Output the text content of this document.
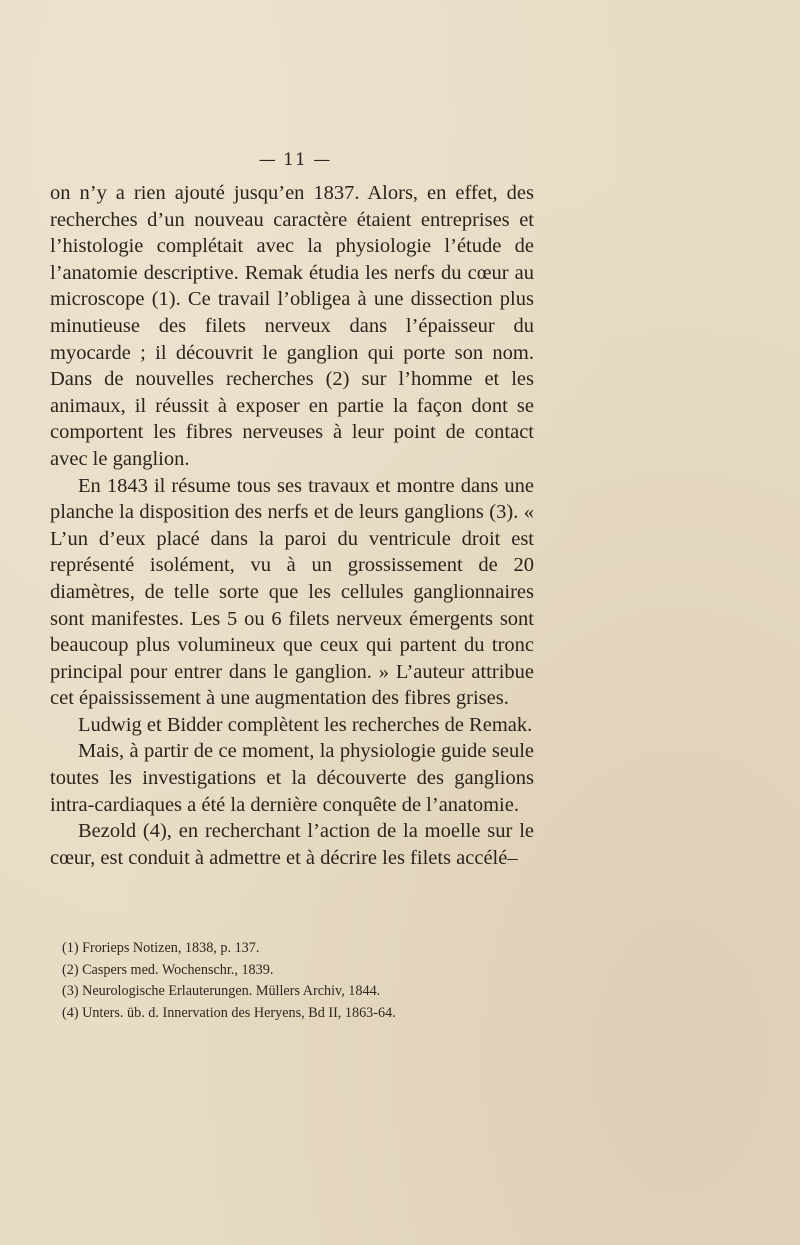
— 11 —

on n’y a rien ajouté jusqu’en 1837. Alors, en effet, des recherches d’un nouveau caractère étaient entreprises et l’histologie complétait avec la physiologie l’étude de l’anatomie descriptive. Remak étudia les nerfs du cœur au microscope (1). Ce travail l’obligea à une dissection plus minutieuse des filets nerveux dans l’épaisseur du myocarde ; il découvrit le ganglion qui porte son nom. Dans de nouvelles recherches (2) sur l’homme et les animaux, il réussit à exposer en partie la façon dont se comportent les fibres nerveuses à leur point de contact avec le ganglion.

En 1843 il résume tous ses travaux et montre dans une planche la disposition des nerfs et de leurs ganglions (3). « L’un d’eux placé dans la paroi du ventricule droit est représenté isolément, vu à un grossissement de 20 diamètres, de telle sorte que les cellules ganglionnaires sont manifestes. Les 5 ou 6 filets nerveux émergents sont beaucoup plus volumineux que ceux qui partent du tronc principal pour entrer dans le ganglion. » L’auteur attribue cet épaississement à une augmentation des fibres grises.

Ludwig et Bidder complètent les recherches de Remak.

Mais, à partir de ce moment, la physiologie guide seule toutes les investigations et la découverte des ganglions intra-cardiaques a été la dernière conquête de l’anatomie.

Bezold (4), en recherchant l’action de la moelle sur le cœur, est conduit à admettre et à décrire les filets accélé–

(1) Frorieps Notizen, 1838, p. 137.
(2) Caspers med. Wochenschr., 1839.
(3) Neurologische Erlauterungen. Müllers Archiv, 1844.
(4) Unters. üb. d. Innervation des Heryens, Bd II, 1863-64.
